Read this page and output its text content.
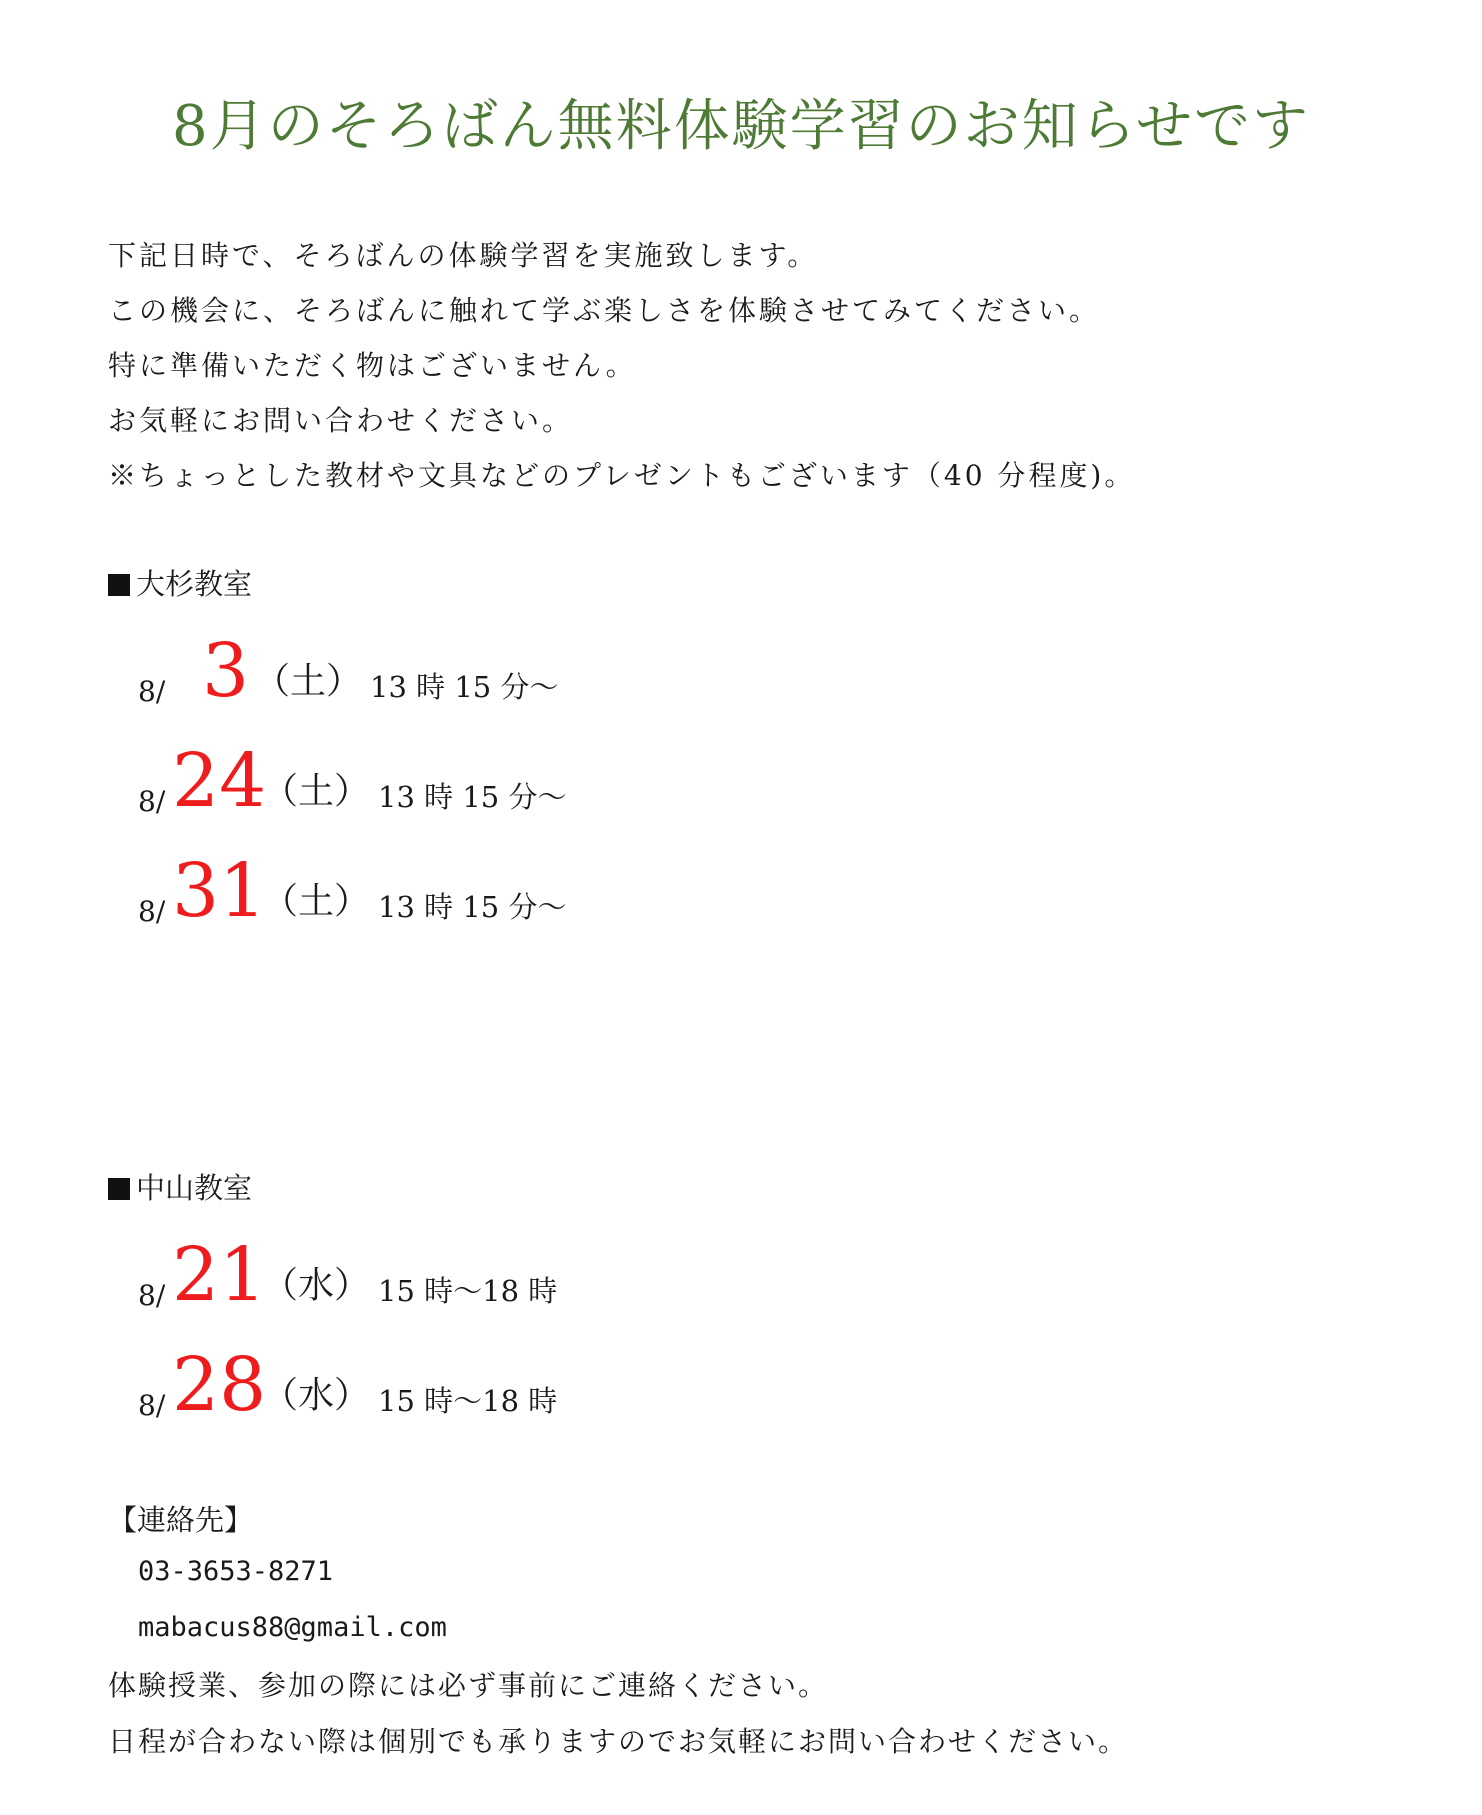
8月のそろばん無料体験学習のお知らせです
下記日時で、そろばんの体験学習を実施致します。
この機会に、そろばんに触れて学ぶ楽しさを体験させてみてください。
特に準備いただく物はございません。
お気軽にお問い合わせください。
※ちょっとした教材や文具などのプレゼントもございます（40 分程度)。
大杉教室
8/ 3 （土） 13 時 15 分～
8/ 24
（土） 13 時 15 分～
8/ 31
（土） 13 時 15 分～
中山教室
8/ 21
（水） 15 時～18 時
8/ 28
（水） 15 時～18 時
【連絡先】
03-3653-8271
mabacus88@gmail.com
体験授業、参加の際には必ず事前にご連絡ください。
日程が合わない際は個別でも承りますのでお気軽にお問い合わせください。
